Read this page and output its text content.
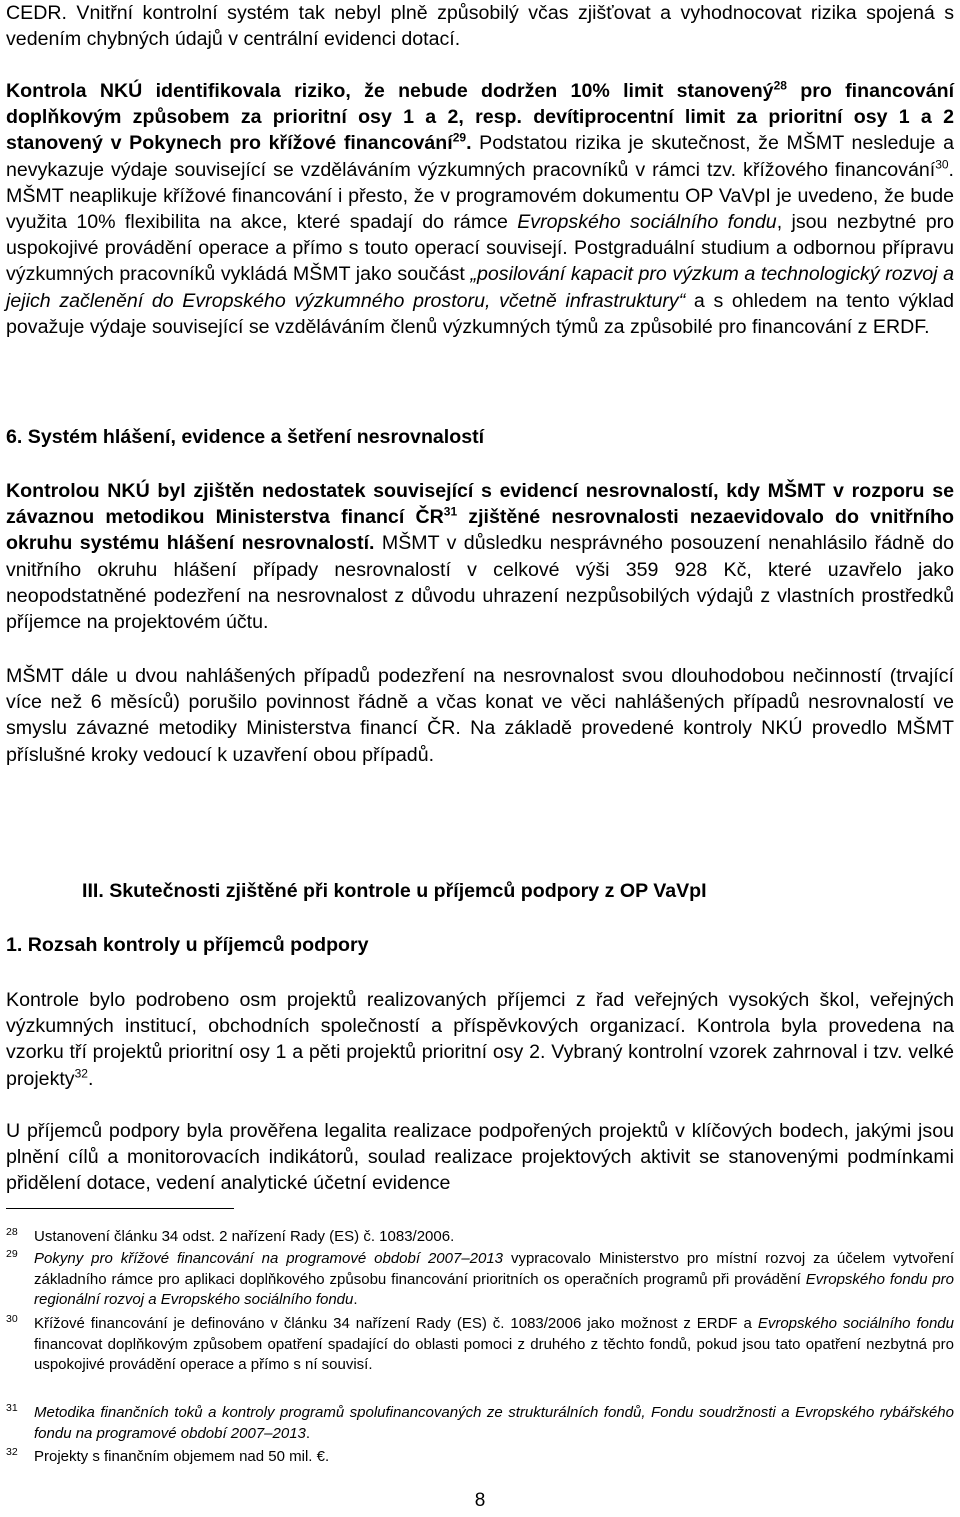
CEDR. Vnitřní kontrolní systém tak nebyl plně způsobilý včas zjišťovat a vyhodnocovat rizika spojená s vedením chybných údajů v centrální evidenci dotací.

Kontrola NKÚ identifikovala riziko, že nebude dodržen 10% limit stanovený$^{28}$ pro financování doplňkovým způsobem za prioritní osy 1 a 2, resp. devítiprocentní limit za prioritní osy 1 a 2 stanovený v Pokynech pro křížové financování$^{29}$. Podstatou rizika je skutečnost, že MŠMT nesleduje a nevykazuje výdaje související se vzděláváním výzkumných pracovníků v rámci tzv. křížového financování$^{30}$. MŠMT neaplikuje křížové financování i přesto, že v programovém dokumentu OP VaVpI je uvedeno, že bude využita 10% flexibilita na akce, které spadají do rámce Evropského sociálního fondu, jsou nezbytné pro uspokojivé provádění operace a přímo s touto operací souvisejí. Postgraduální studium a odbornou přípravu výzkumných pracovníků vykládá MŠMT jako součást „posilování kapacit pro výzkum a technologický rozvoj a jejich začlenění do Evropského výzkumného prostoru, včetně infrastruktury“ a s ohledem na tento výklad považuje výdaje související se vzděláváním členů výzkumných týmů za způsobilé pro financování z ERDF.

6. Systém hlášení, evidence a šetření nesrovnalostí

Kontrolou NKÚ byl zjištěn nedostatek související s evidencí nesrovnalostí, kdy MŠMT v rozporu se závaznou metodikou Ministerstva financí ČR$^{31}$ zjištěné nesrovnalosti nezaevidovalo do vnitřního okruhu systému hlášení nesrovnalostí. MŠMT v důsledku nesprávného posouzení nenahlásilo řádně do vnitřního okruhu hlášení případy nesrovnalostí v celkové výši 359 928 Kč, které uzavřelo jako neopodstatněné podezření na nesrovnalost z důvodu uhrazení nezpůsobilých výdajů z vlastních prostředků příjemce na projektovém účtu.

MŠMT dále u dvou nahlášených případů podezření na nesrovnalost svou dlouhodobou nečinností (trvající více než 6 měsíců) porušilo povinnost řádně a včas konat ve věci nahlášených případů nesrovnalostí ve smyslu závazné metodiky Ministerstva financí ČR. Na základě provedené kontroly NKÚ provedlo MŠMT příslušné kroky vedoucí k uzavření obou případů.

III. Skutečnosti zjištěné při kontrole u příjemců podpory z OP VaVpI
1. Rozsah kontroly u příjemců podpory

Kontrole bylo podrobeno osm projektů realizovaných příjemci z řad veřejných vysokých škol, veřejných výzkumných institucí, obchodních společností a příspěvkových organizací. Kontrola byla provedena na vzorku tří projektů prioritní osy 1 a pěti projektů prioritní osy 2. Vybraný kontrolní vzorek zahrnoval i tzv. velké projekty$^{32}$.

U příjemců podpory byla prověřena legalita realizace podpořených projektů v klíčových bodech, jakými jsou plnění cílů a monitorovacích indikátorů, soulad realizace projektových aktivit se stanovenými podmínkami přidělení dotace, vedení analytické účetní evidence

28 Ustanovení článku 34 odst. 2 nařízení Rady (ES) č. 1083/2006.
29 Pokyny pro křížové financování na programové období 2007–2013 vypracovalo Ministerstvo pro místní rozvoj za účelem vytvoření základního rámce pro aplikaci doplňkového způsobu financování prioritních os operačních programů při provádění Evropského fondu pro regionální rozvoj a Evropského sociálního fondu.
30 Křížové financování je definováno v článku 34 nařízení Rady (ES) č. 1083/2006 jako možnost z ERDF a Evropského sociálního fondu financovat doplňkovým způsobem opatření spadající do oblasti pomoci z druhého z těchto fondů, pokud jsou tato opatření nezbytná pro uspokojivé provádění operace a přímo s ní souvisí.
31 Metodika finančních toků a kontroly programů spolufinancovaných ze strukturálních fondů, Fondu soudržnosti a Evropského rybářského fondu na programové období 2007–2013.
32 Projekty s finančním objemem nad 50 mil. €.
8
